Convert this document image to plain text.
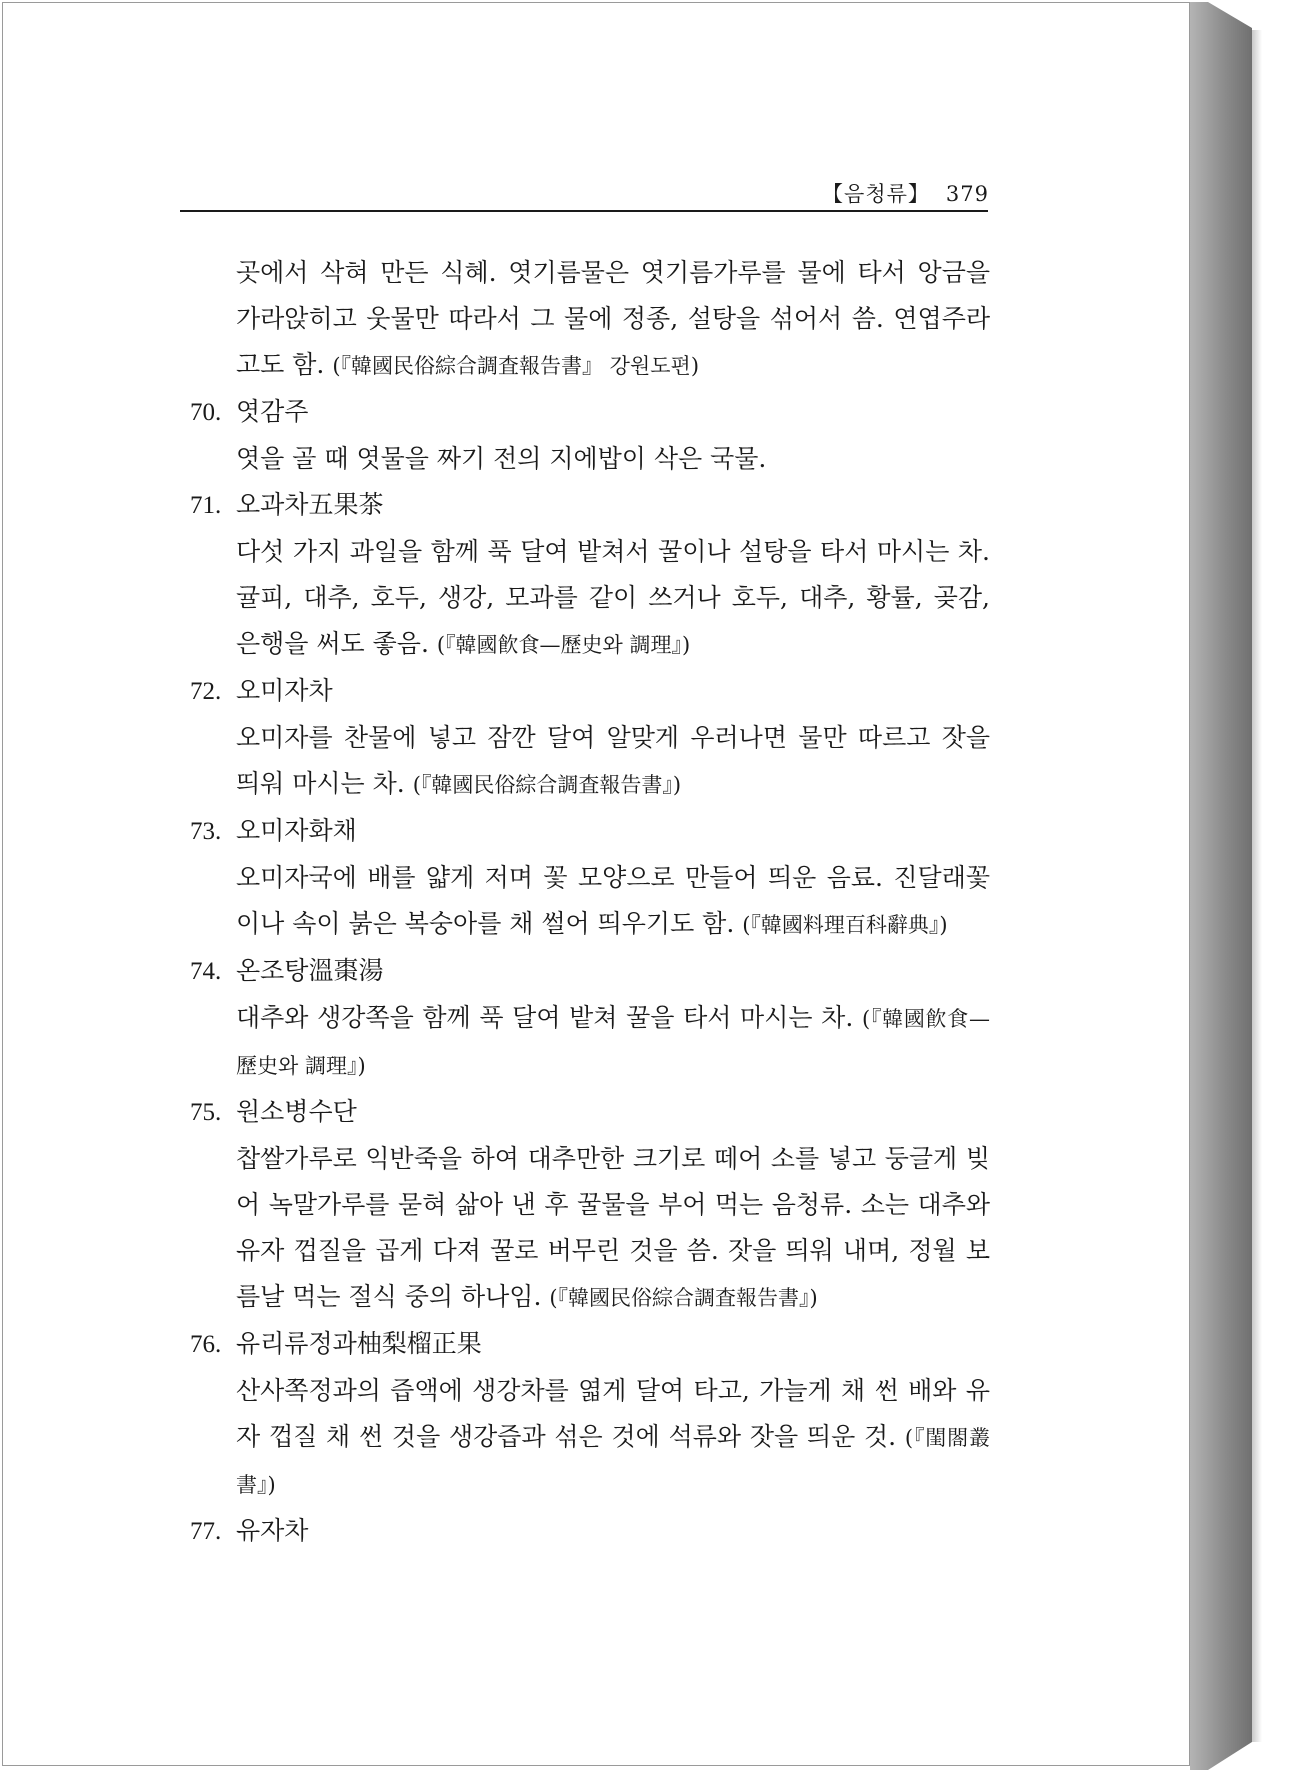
【음청류】 379

곳에서 삭혀 만든 식혜. 엿기름물은 엿기름가루를 물에 타서 앙금을 가라앉히고 웃물만 따라서 그 물에 정종, 설탕을 섞어서 씀. 연엽주라고도 함. (『韓國民俗綜合調査報告書』 강원도편)

70. 엿감주

엿을 골 때 엿물을 짜기 전의 지에밥이 삭은 국물.

71. 오과차五果茶

다섯 가지 과일을 함께 푹 달여 밭쳐서 꿀이나 설탕을 타서 마시는 차. 귤피, 대추, 호두, 생강, 모과를 같이 쓰거나 호두, 대추, 황률, 곶감, 은행을 써도 좋음. (『韓國飮食—歷史와 調理』)

72. 오미자차

오미자를 찬물에 넣고 잠깐 달여 알맞게 우러나면 물만 따르고 잣을 띄워 마시는 차. (『韓國民俗綜合調査報告書』)

73. 오미자화채

오미자국에 배를 얇게 저며 꽃 모양으로 만들어 띄운 음료. 진달래꽃이나 속이 붉은 복숭아를 채 썰어 띄우기도 함. (『韓國料理百科辭典』)

74. 온조탕溫棗湯

대추와 생강쪽을 함께 푹 달여 밭쳐 꿀을 타서 마시는 차. (『韓國飮食—歷史와 調理』)

75. 원소병수단

찹쌀가루로 익반죽을 하여 대추만한 크기로 떼어 소를 넣고 둥글게 빚어 녹말가루를 묻혀 삶아 낸 후 꿀물을 부어 먹는 음청류. 소는 대추와 유자 껍질을 곱게 다져 꿀로 버무린 것을 씀. 잣을 띄워 내며, 정월 보름날 먹는 절식 중의 하나임. (『韓國民俗綜合調査報告書』)

76. 유리류정과柚梨榴正果

산사쪽정과의 즙액에 생강차를 엷게 달여 타고, 가늘게 채 썬 배와 유자 껍질 채 썬 것을 생강즙과 섞은 것에 석류와 잣을 띄운 것. (『閨閤叢書』)

77. 유자차
